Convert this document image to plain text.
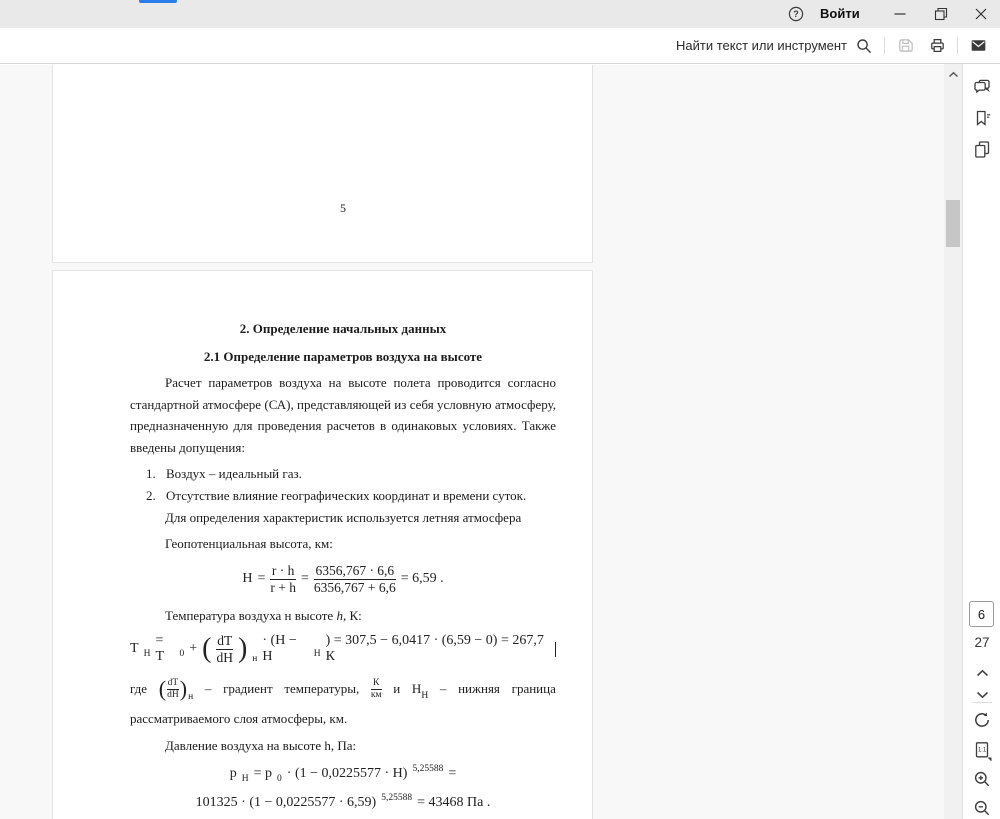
? Войти
Найти текст или инструмент
5
2. Определение начальных данных
2.1 Определение параметров воздуха на высоте
Расчет параметров воздуха на высоте полета проводится согласно
стандартной атмосфере (СА), представляющей из себя условную атмосферу,
предназначенную для проведения расчетов в одинаковых условиях. Также
введены допущения:
1. Воздух – идеальный газ.
2. Отсутствие влияние географических координат и времени суток.
Для определения характеристик используется летняя атмосфера
Геопотенциальная высота, км:
$H = \frac{r \cdot h}{r + h} = \frac{6356,767 \cdot 6,6}{6356,767 + 6,6} = 6,59$ .
Температура воздуха н высоте h, К:
T Н
= T	0 + ( $\frac{dT}{dH}$ ) н
· (H − H	Н
) = 307,5 − 6,0417 · (6,59 − 0) = 267,7 К
где ( $\frac{dT}{dH}$ ) н
– градиент температуры, $\frac{К}{км}$ и HН – нижняя граница
рассматриваемого слоя атмосферы, км.
Давление воздуха на высоте h, Па:
p Н = p 0 · (1 − 0,0225577 · H) 5,25588 =
101325 · (1 − 0,0225577 · 6,59) 5,25588 = 43468 Па .
6
27
1:1
